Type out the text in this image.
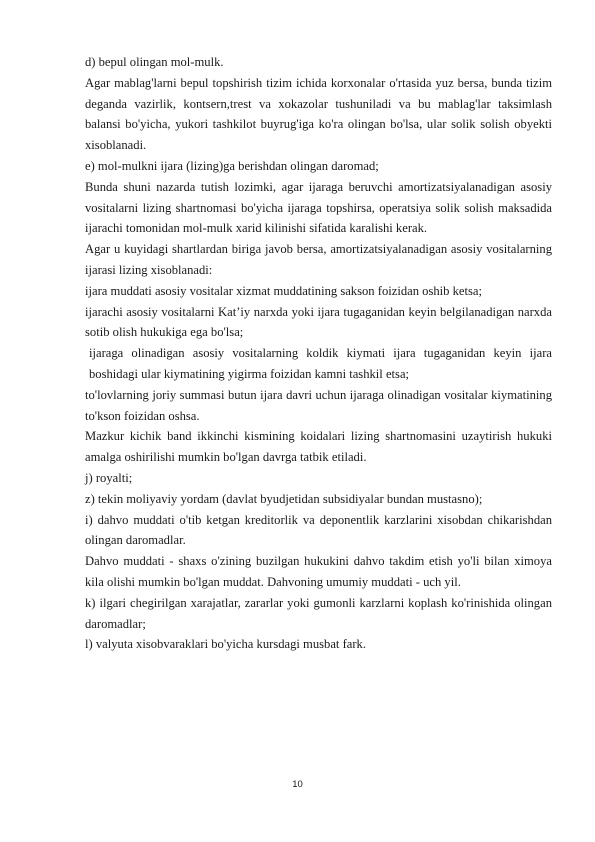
d) bepul olingan mol-mulk.

Agar mablag'larni bepul topshirish tizim ichida korxonalar o'rtasida yuz bersa, bunda tizim deganda vazirlik, kontsern,trest va xokazolar tushuniladi va bu mablag'lar taksimlash balansi bo'yicha, yukori tashkilot buyrug'iga ko'ra olingan bo'lsa, ular solik solish obyekti xisoblanadi.

e) mol-mulkni ijara (lizing)ga berishdan olingan daromad;

Bunda shuni nazarda tutish lozimki, agar ijaraga beruvchi amortizatsiyalanadigan asosiy vositalarni lizing shartnomasi bo'yicha ijaraga topshirsa, operatsiya solik solish maksadida ijarachi tomonidan mol-mulk xarid kilinishi sifatida karalishi kerak.

Agar u kuyidagi shartlardan biriga javob bersa, amortizatsiyalanadigan asosiy vositalarning ijarasi lizing xisoblanadi:

ijara muddati asosiy vositalar xizmat muddatining sakson foizidan oshib ketsa;

ijarachi asosiy vositalarni Kat’iy narxda yoki ijara tugaganidan keyin belgilanadigan narxda sotib olish hukukiga ega bo'lsa;

ijaraga olinadigan asosiy vositalarning koldik kiymati ijara tugaganidan keyin ijara boshidagi ular kiymatining yigirma foizidan kamni tashkil etsa;

to'lovlarning joriy summasi butun ijara davri uchun ijaraga olinadigan vositalar kiymatining to'kson foizidan oshsa.

Mazkur kichik band ikkinchi kismining koidalari lizing shartnomasini uzaytirish hukuki amalga oshirilishi mumkin bo'lgan davrga tatbik etiladi.

j) royalti;

z) tekin moliyaviy yordam (davlat byudjetidan subsidiyalar bundan mustasno);

i) dahvo muddati o'tib ketgan kreditorlik va deponentlik karzlarini xisobdan chikarishdan olingan daromadlar.

Dahvo muddati - shaxs o'zining buzilgan hukukini dahvo takdim etish yo'li bilan ximoya kila olishi mumkin bo'lgan muddat. Dahvoning umumiy muddati - uch yil.

k) ilgari chegirilgan xarajatlar, zararlar yoki gumonli karzlarni koplash ko'rinishida olingan daromadlar;

l) valyuta xisobvaraklari bo'yicha kursdagi musbat fark.

10
